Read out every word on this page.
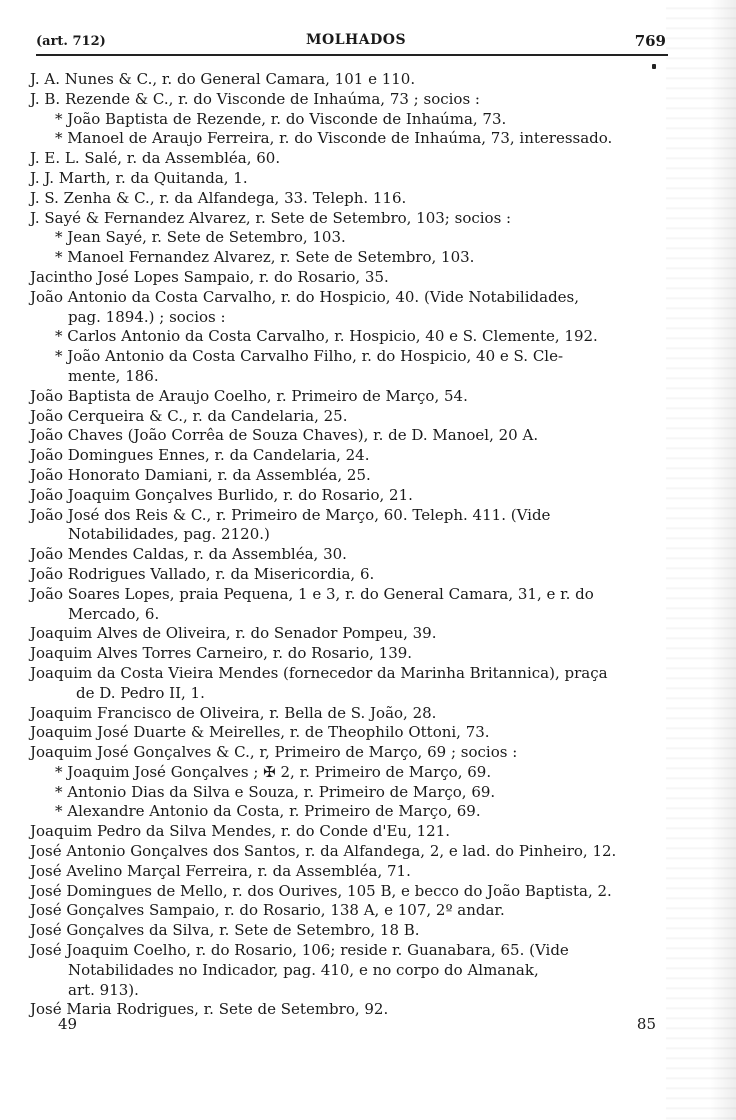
(art. 712)	MOLHADOS	769
J. A. Nunes & C., r. do General Camara, 101 e 110.
J. B. Rezende & C., r. do Visconde de Inhaúma, 73 ; socios :
* João Baptista de Rezende, r. do Visconde de Inhaúma, 73.
* Manoel de Araujo Ferreira, r. do Visconde de Inhaúma, 73, interessado.
J. E. L. Salé, r. da Assembléa, 60.
J. J. Marth, r. da Quitanda, 1.
J. S. Zenha & C., r. da Alfandega, 33. Teleph. 116.
J. Sayé & Fernandez Alvarez, r. Sete de Setembro, 103; socios :
* Jean Sayé, r. Sete de Setembro, 103.
* Manoel Fernandez Alvarez, r. Sete de Setembro, 103.
Jacintho José Lopes Sampaio, r. do Rosario, 35.
João Antonio da Costa Carvalho, r. do Hospicio, 40. (Vide Notabilidades,
pag. 1894.) ; socios :
* Carlos Antonio da Costa Carvalho, r. Hospicio, 40 e S. Clemente, 192.
* João Antonio da Costa Carvalho Filho, r. do Hospicio, 40 e S. Cle-
mente, 186.
João Baptista de Araujo Coelho, r. Primeiro de Março, 54.
João Cerqueira & C., r. da Candelaria, 25.
João Chaves (João Corrêa de Souza Chaves), r. de D. Manoel, 20 A.
João Domingues Ennes, r. da Candelaria, 24.
João Honorato Damiani, r. da Assembléa, 25.
João Joaquim Gonçalves Burlido, r. do Rosario, 21.
João José dos Reis & C., r. Primeiro de Março, 60. Teleph. 411. (Vide
Notabilidades, pag. 2120.)
João Mendes Caldas, r. da Assembléa, 30.
João Rodrigues Vallado, r. da Misericordia, 6.
João Soares Lopes, praia Pequena, 1 e 3, r. do General Camara, 31, e r. do
Mercado, 6.
Joaquim Alves de Oliveira, r. do Senador Pompeu, 39.
Joaquim Alves Torres Carneiro, r. do Rosario, 139.
Joaquim da Costa Vieira Mendes (fornecedor da Marinha Britannica), praça
de D. Pedro II, 1.
Joaquim Francisco de Oliveira, r. Bella de S. João, 28.
Joaquim José Duarte & Meirelles, r. de Theophilo Ottoni, 73.
Joaquim José Gonçalves & C., r, Primeiro de Março, 69 ; socios :
* Joaquim José Gonçalves ; ✠ 2, r. Primeiro de Março, 69.
* Antonio Dias da Silva e Souza, r. Primeiro de Março, 69.
* Alexandre Antonio da Costa, r. Primeiro de Março, 69.
Joaquim Pedro da Silva Mendes, r. do Conde d'Eu, 121.
José Antonio Gonçalves dos Santos, r. da Alfandega, 2, e lad. do Pinheiro, 12.
José Avelino Marçal Ferreira, r. da Assembléa, 71.
José Domingues de Mello, r. dos Ourives, 105 B, e becco do João Baptista, 2.
José Gonçalves Sampaio, r. do Rosario, 138 A, e 107, 2º andar.
José Gonçalves da Silva, r. Sete de Setembro, 18 B.
José Joaquim Coelho, r. do Rosario, 106; reside r. Guanabara, 65. (Vide
Notabilidades no Indicador, pag. 410, e no corpo do Almanak,
art. 913).
José Maria Rodrigues, r. Sete de Setembro, 92.
49	85
